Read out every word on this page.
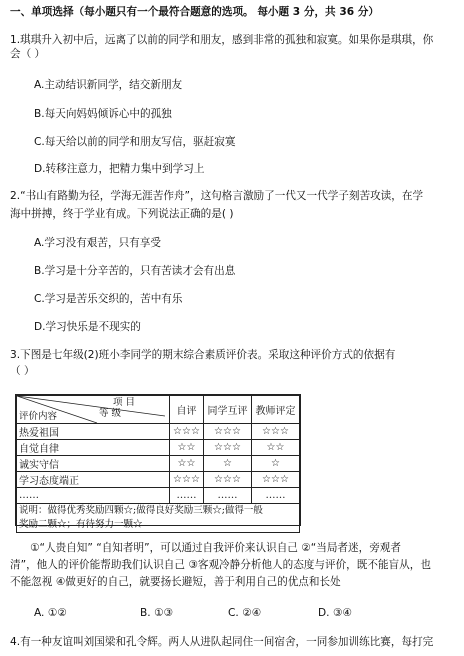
一、单项选择（每小题只有一个最符合题意的选项。 每小题 3 分，共 36 分）
1.琪琪升入初中后，远离了以前的同学和朋友，感到非常的孤独和寂寞。如果你是琪琪，你
会（ ）
A.主动结识新同学，结交新朋友
B.每天向妈妈倾诉心中的孤独
C.每天给以前的同学和朋友写信，驱赶寂寞
D.转移注意力，把精力集中到学习上
2.“书山有路勤为径，学海无涯苦作舟”，这句格言激励了一代又一代学子刻苦攻读，在学
海中拼搏，终于学业有成。下列说法正确的是( )
A.学习没有艰苦，只有享受
B.学习是十分辛苦的，只有苦读才会有出息
C.学习是苦乐交织的，苦中有乐
D.学习快乐是不现实的
3.下图是七年级(2)班小李同学的期末综合素质评价表。采取这种评价方式的依据有
（ ）
项 目
等 级
评价内容	自评	同学互评	教师评定
热爱祖国	☆☆☆	☆☆☆	☆☆☆
自觉自律	☆☆	☆☆☆	☆☆
诚实守信	☆☆	☆	☆
学习态度端正	☆☆☆	☆☆☆	☆☆☆
……	……	……	……

说明：做得优秀奖励四颗☆;做得良好奖励三颗☆;做得一般
奖励二颗☆；有待努力一颗☆			
①“人贵自知” “自知者明”，可以通过自我评价来认识自己 ②“当局者迷，旁观者
清”，他人的评价能帮助我们认识自己 ③客观冷静分析他人的态度与评价，既不能盲从，也
不能忽视 ④做更好的自己，就要扬长避短，善于利用自己的优点和长处
A. ①②	B. ①③	C. ②④	D. ③④
4.有一种友谊叫刘国梁和孔令辉。两人从进队起同住一间宿舍，一同参加训练比赛，每打完
